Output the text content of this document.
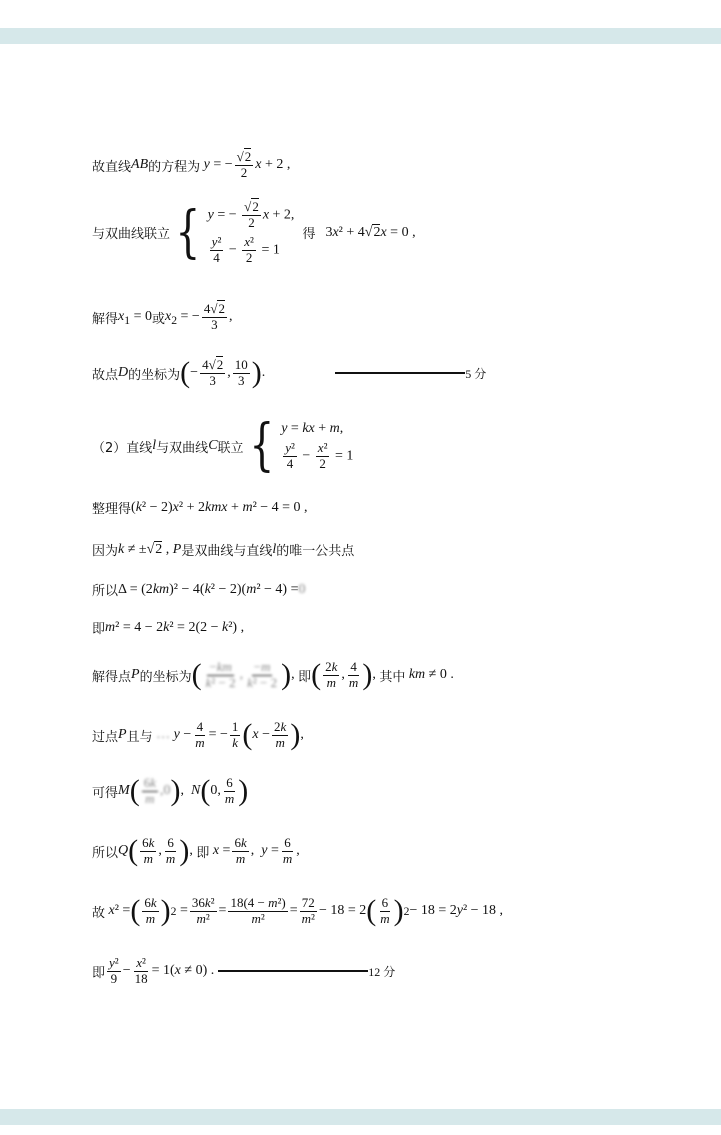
故直线 AB 的方程为 y = − $\frac{√2}{2}$ x + 2 ,
与双曲线联立 { y = − $\frac{√2}{2}$ x + 2,
$\frac{\text{y²}}{4} - \frac{\text{x²}}{2} = 1$
得 3x² + 4√2x = 0 ,
解得 $x_1 = 0$ 或 $x_2$ = − $\frac{4√2}{3}$ ,
故点 D 的坐标为 ( − $\frac{4√2}{3}$ , $\frac{10}{3}$ ) .	5 分
（2）直线 l 与双曲线 C 联立 { y = kx + m,
$\frac{\text{y²}}{4} - \frac{\text{x²}}{2} = 1$
整理得 (k² − 2)x² + 2kmx + m² − 4 = 0 ,
因为 k ≠ ±√2 , P 是双曲线与直线 l 的唯一公共点
所以 Δ = (2km)² − 4(k² − 2)(m² − 4) = 0
即 m² = 4 − 2k² = 2(2 − k²) ,
解得点 P 的坐标为 ( $\frac{-km}{\text{k² − 2}}$ , $\frac{-m}{\text{k² − 2}}$ ) , 即 ( $\frac{2k}{m}$ , $\frac{4}{m}$ ) , 其中 km ≠ 0 .
过点 P 且与 … $y - \frac{4}{m}$ = − $\frac{1}{k}$ ( $x - \frac{2k}{m}$ ) ,
可得 M ( $\frac{6k}{m} ,0$ ) , N ( 0, $\frac{6}{m}$ )
所以 Q ( $\frac{6k}{m}$ , $\frac{6}{m}$ ) , 即 $x = \frac{6k}{m}$ ,  $y = \frac{6}{m}$ ,
故 x² = ( $\frac{6k}{m}$ ) $2 = \frac{\text{36k²}}{\text{m²}} = \frac{\text{18(4 − m²)}}{\text{m²}} = \frac{72}{\text{m²}} - 18 = 2$ ( $\frac{6}{m}$ ) 2 − 18 = 2y² − 18 ,
即 $\frac{\text{y²}}{9} - \frac{\text{x²}}{18} = 1(x \ne 0)$ .	12 分
